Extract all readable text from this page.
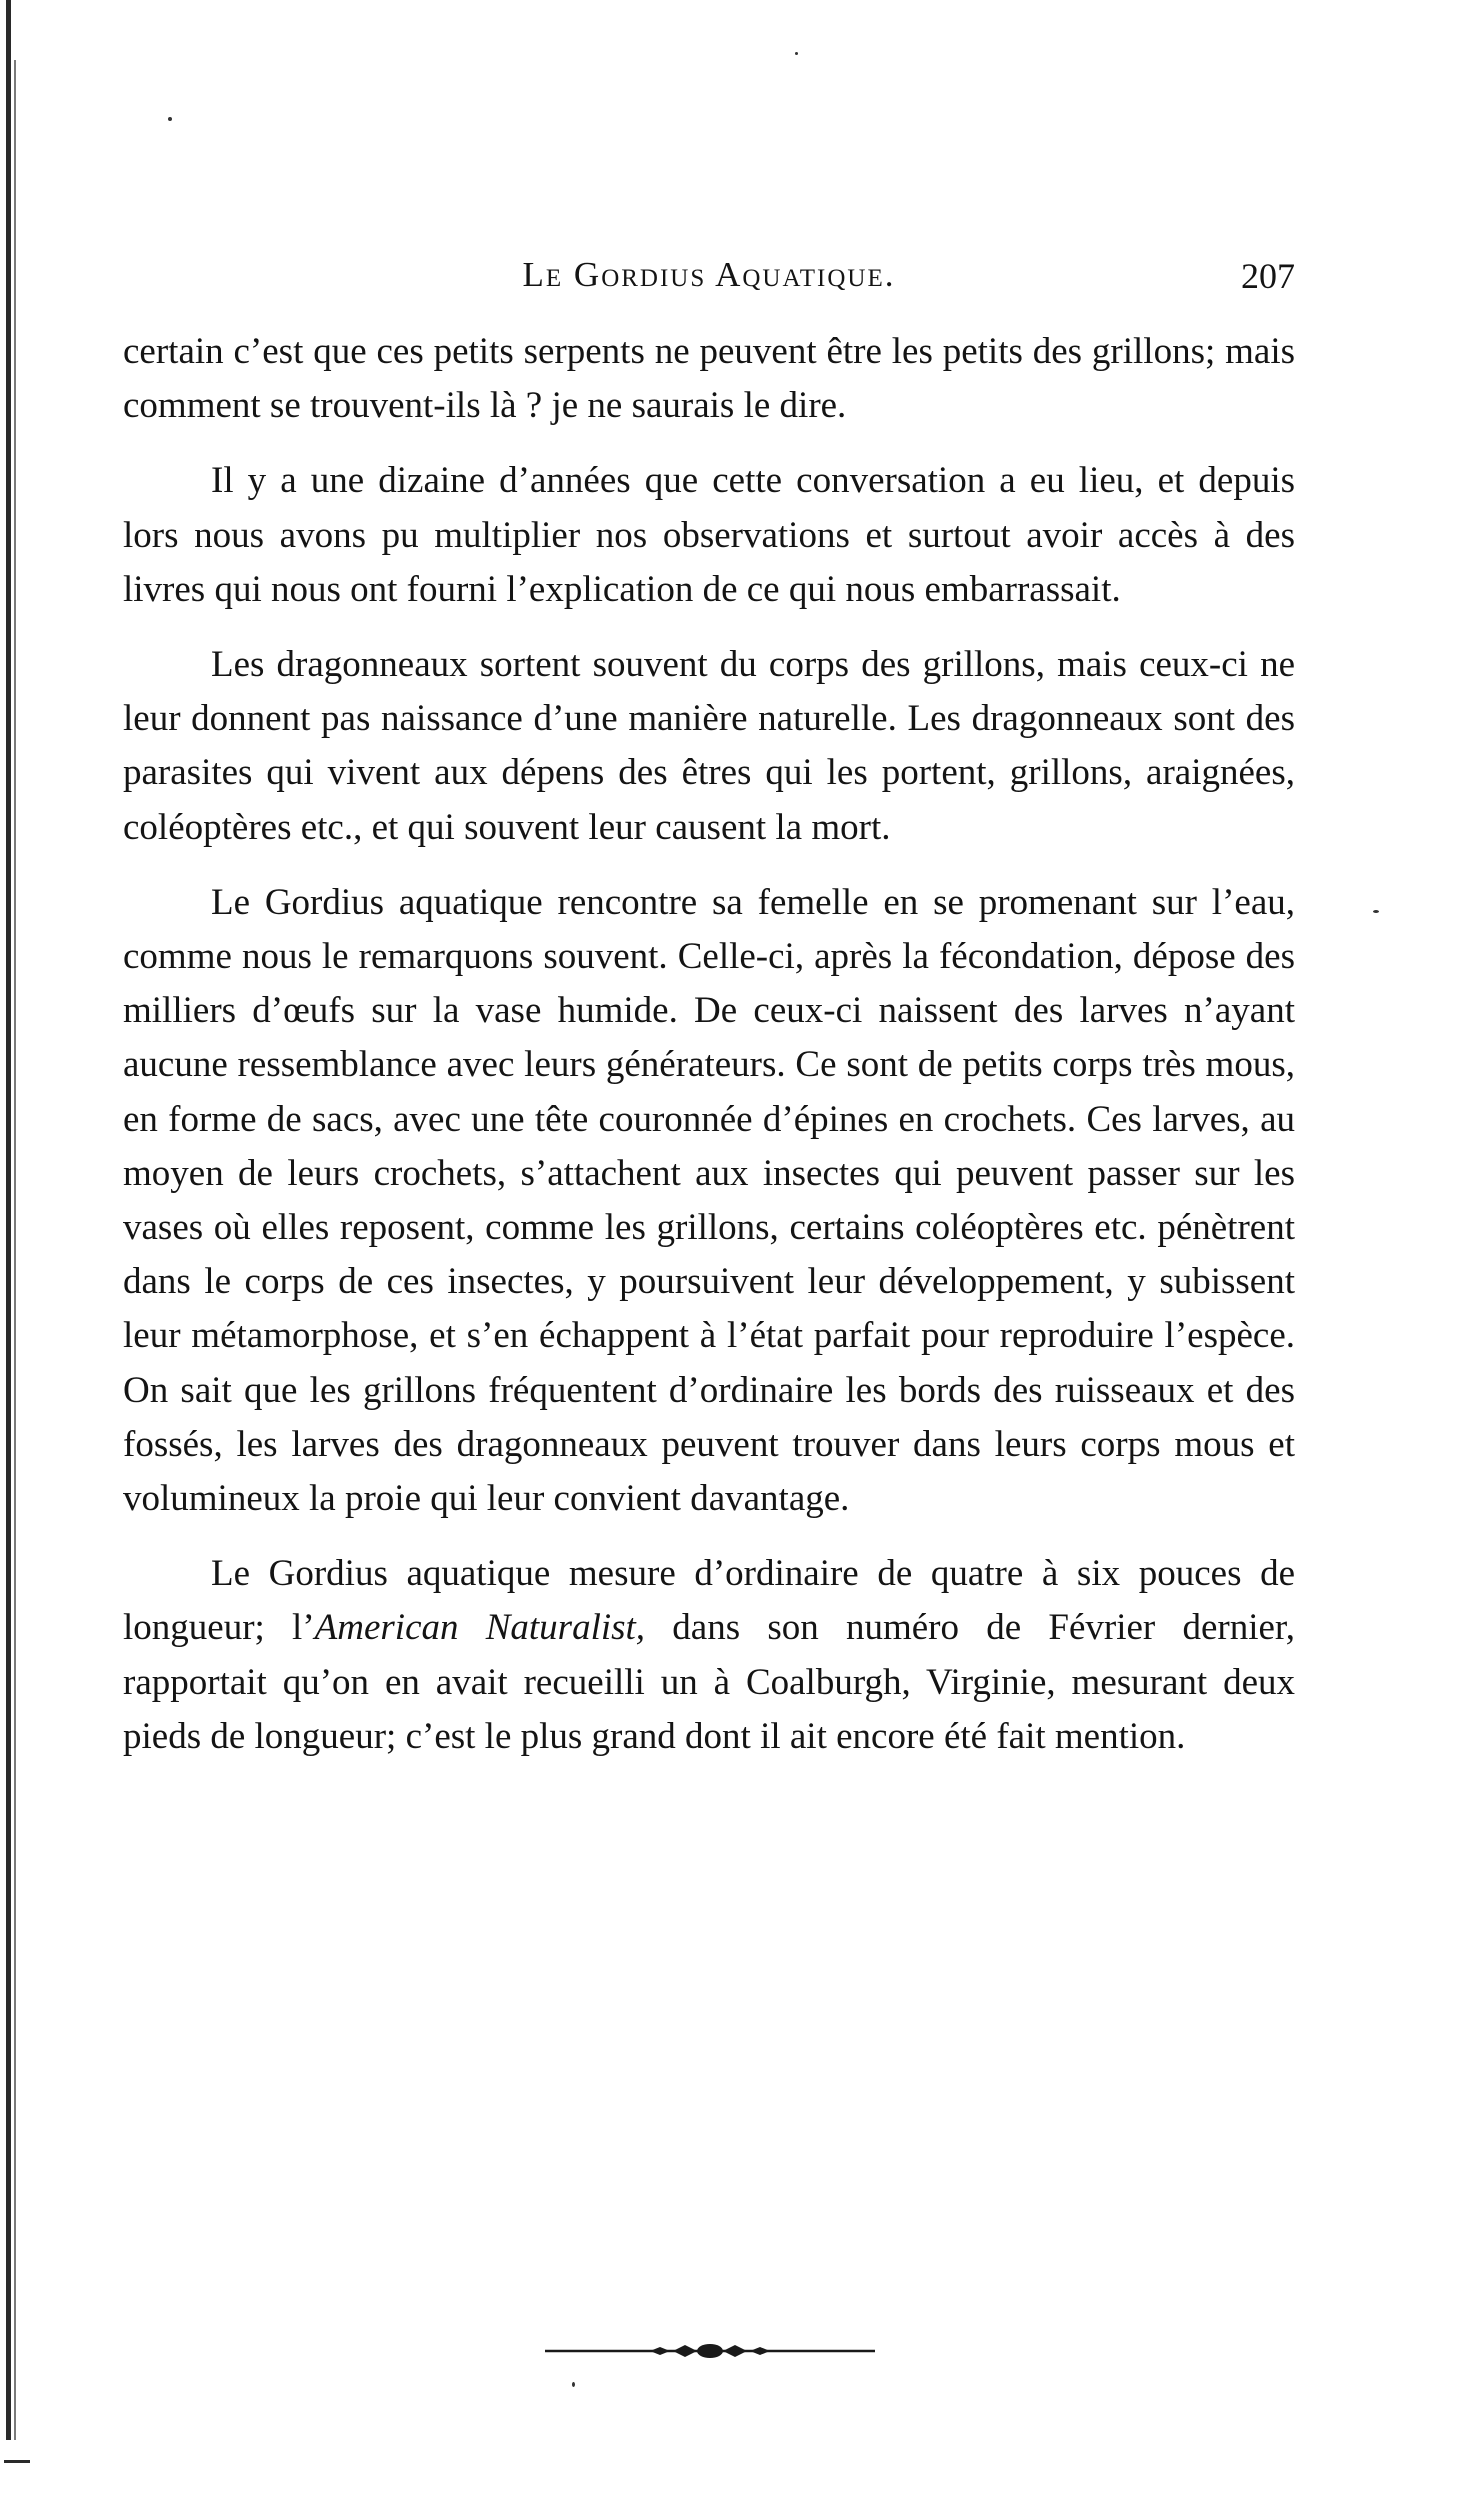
Le Gordius Aquatique.	207

certain c’est que ces petits serpents ne peuvent être les petits des grillons; mais comment se trouvent-ils là ? je ne saurais le dire.

Il y a une dizaine d’années que cette conversation a eu lieu, et depuis lors nous avons pu multiplier nos observations et surtout avoir accès à des livres qui nous ont fourni l’explication de ce qui nous embarrassait.

Les dragonneaux sortent souvent du corps des grillons, mais ceux-ci ne leur donnent pas naissance d’une manière naturelle. Les dragonneaux sont des parasites qui vivent aux dépens des êtres qui les portent, grillons, araignées, coléoptères etc., et qui souvent leur causent la mort.

Le Gordius aquatique rencontre sa femelle en se promenant sur l’eau, comme nous le remarquons souvent. Celle-ci, après la fécondation, dépose des milliers d’œufs sur la vase humide. De ceux-ci naissent des larves n’ayant aucune ressemblance avec leurs générateurs. Ce sont de petits corps très mous, en forme de sacs, avec une tête couronnée d’épines en crochets. Ces larves, au moyen de leurs crochets, s’attachent aux insectes qui peuvent passer sur les vases où elles reposent, comme les grillons, certains coléoptères etc. pénètrent dans le corps de ces insectes, y poursuivent leur développement, y subissent leur métamorphose, et s’en échappent à l’état parfait pour reproduire l’espèce. On sait que les grillons fréquentent d’ordinaire les bords des ruisseaux et des fossés, les larves des dragonneaux peuvent trouver dans leurs corps mous et volumineux la proie qui leur convient davantage.

Le Gordius aquatique mesure d’ordinaire de quatre à six pouces de longueur; l’American Naturalist, dans son numéro de Février dernier, rapportait qu’on en avait recueilli un à Coalburgh, Virginie, mesurant deux pieds de longueur; c’est le plus grand dont il ait encore été fait mention.
